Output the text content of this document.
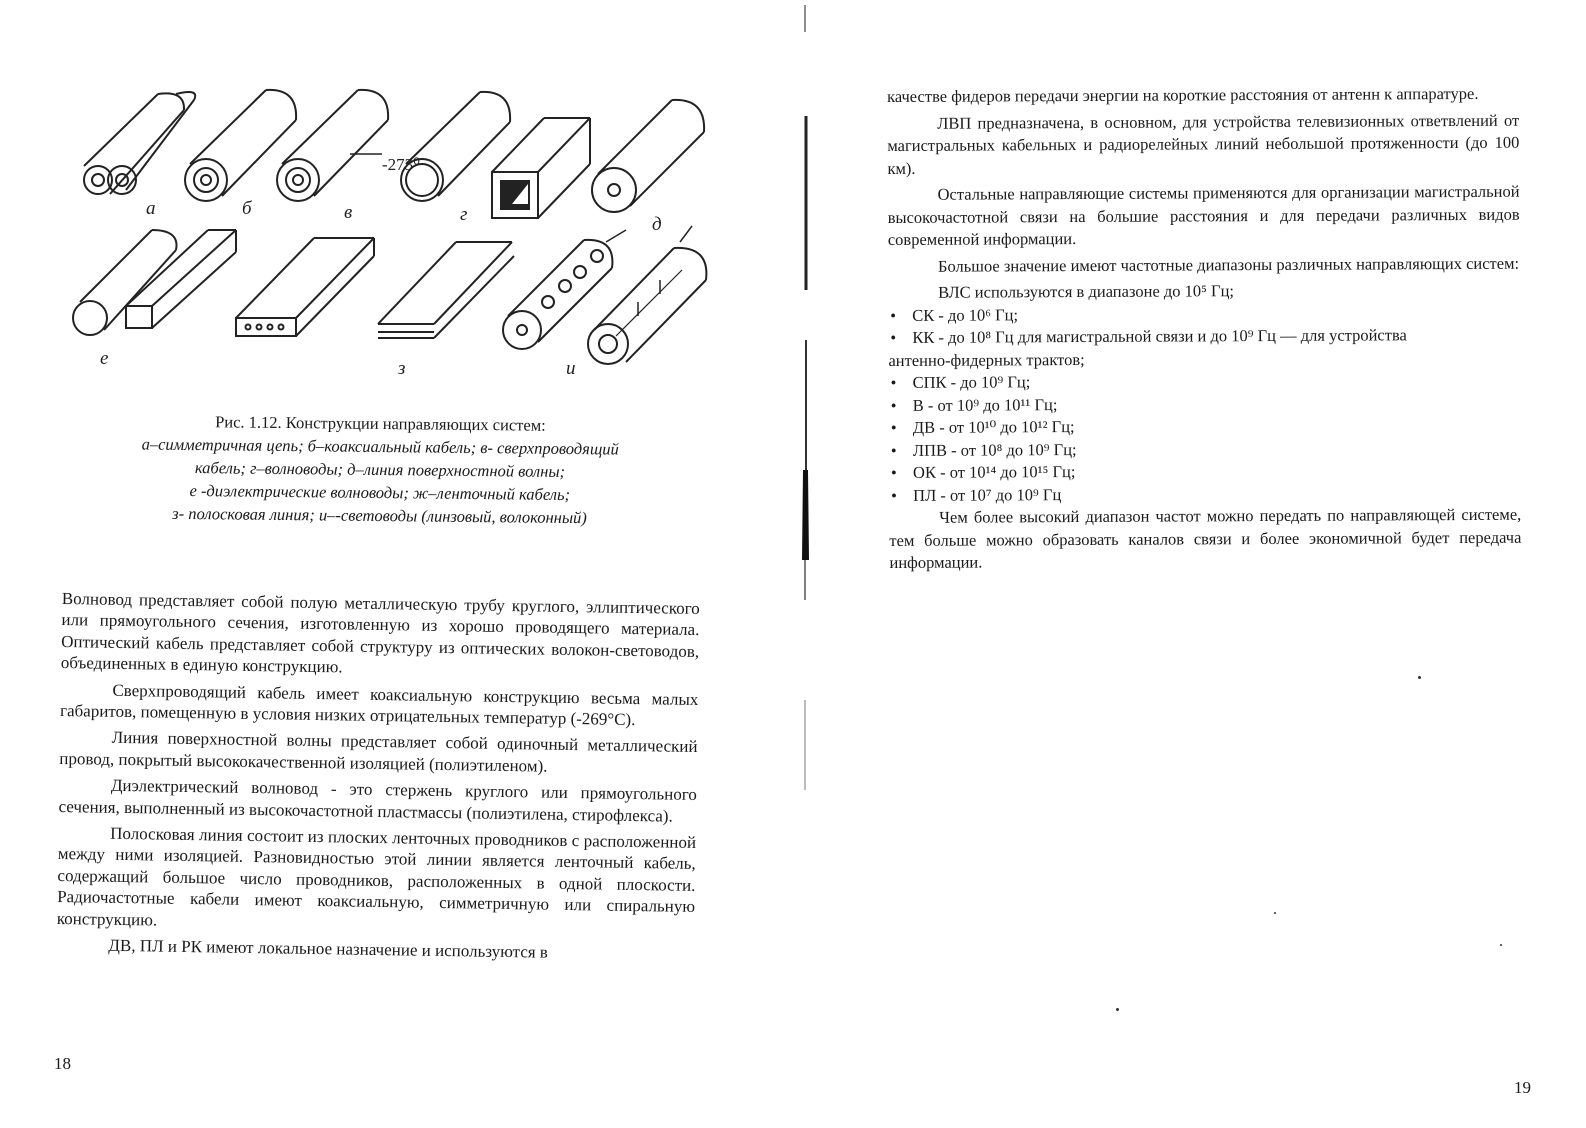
а	б
-273⁰
в	г	д
е	з	и
Рис. 1.12. Конструкции направляющих систем:
а–симметричная цепь; б–коаксиальный кабель; в- сверхпроводящий
кабель; г–волноводы; д–линия поверхностной волны;
е -диэлектрические волноводы; ж–ленточный кабель;
з- полосковая линия; и–-световоды (линзовый, волоконный)

Волновод представляет собой полую металлическую трубу круглого, эллиптического или прямоугольного сечения, изготовленную из хорошо проводящего материала. Оптический кабель представляет собой структуру из оптических волокон-световодов, объединенных в единую конструкцию.

Сверхпроводящий кабель имеет коаксиальную конструкцию весьма малых габаритов, помещенную в условия низких отрицательных температур (-269°С).

Линия поверхностной волны представляет собой одиночный металлический провод, покрытый высококачественной изоляцией (полиэтиленом).

Диэлектрический волновод - это стержень круглого или прямоугольного сечения, выполненный из высокочастотной пластмассы (полиэтилена, стирофлекса).

Полосковая линия состоит из плоских ленточных проводников с расположенной между ними изоляцией. Разновидностью этой линии является ленточный кабель, содержащий большое число проводников, расположенных в одной плоскости. Радиочастотные кабели имеют коаксиальную, симметричную или спиральную конструкцию.

ДВ, ПЛ и РК имеют локальное назначение и используются в

18

качестве фидеров передачи энергии на короткие расстояния от антенн к аппаратуре.

ЛВП предназначена, в основном, для устройства телевизионных ответвлений от магистральных кабельных и радиорелейных линий небольшой протяженности (до 100 км).

Остальные направляющие системы применяются для организации магистральной высокочастотной связи на большие расстояния и для передачи различных видов современной информации.

Большое значение имеют частотные диапазоны различных направляющих систем:

ВЛС используются в диапазоне до 10⁵ Гц;

• СК - до 10⁶ Гц;
• КК - до 10⁸ Гц для магистральной связи и до 10⁹ Гц — для устройства
антенно-фидерных трактов;
• СПК - до 10⁹ Гц;
• В - от 10⁹ до 10¹¹ Гц;
• ДВ - от 10¹⁰ до 10¹² Гц;
• ЛПВ - от 10⁸ до 10⁹ Гц;
• ОК - от 10¹⁴ до 10¹⁵ Гц;
• ПЛ - от 10⁷ до 10⁹ Гц

Чем более высокий диапазон частот можно передать по направляющей системе, тем больше можно образовать каналов связи и более экономичной будет передача информации.

19
